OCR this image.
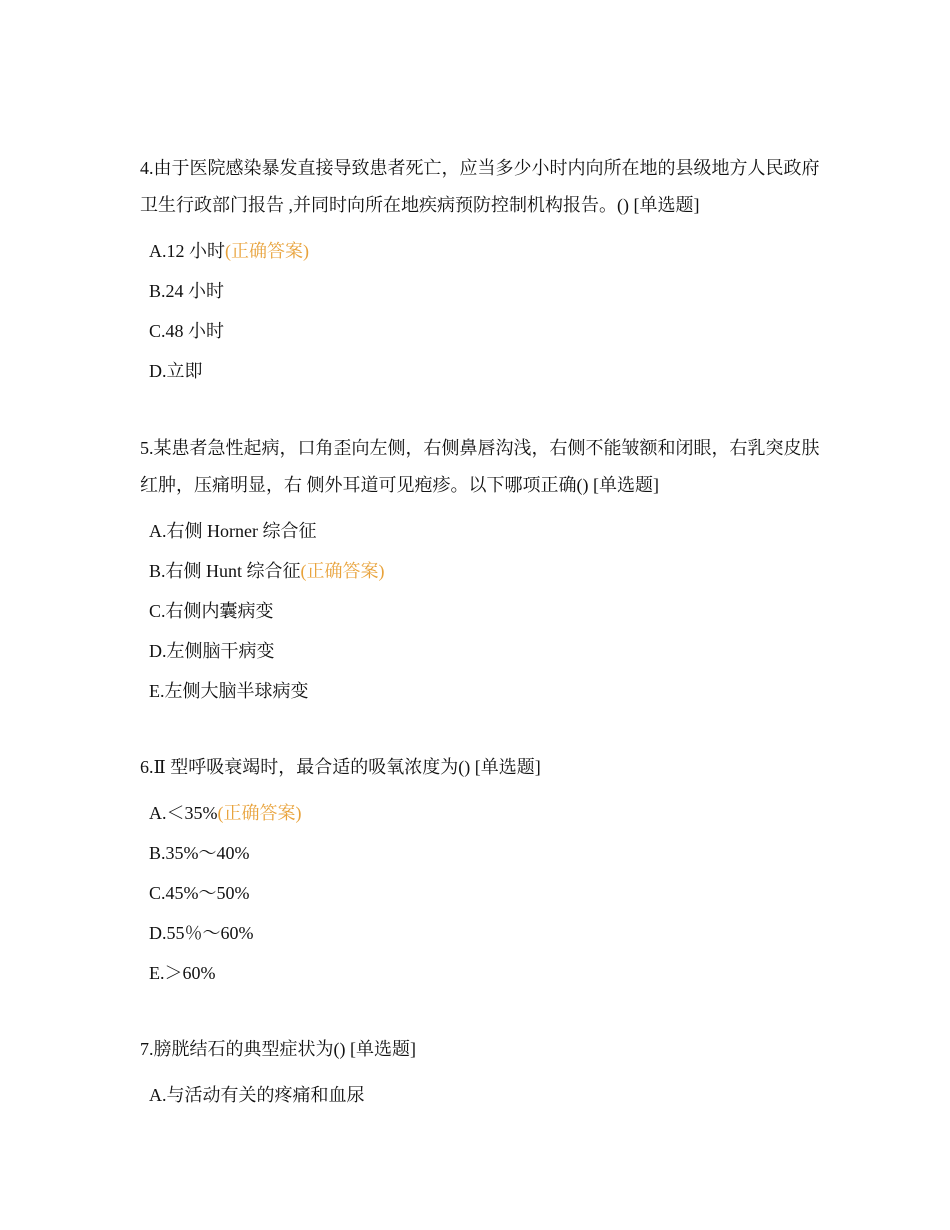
4.由于医院感染暴发直接导致患者死亡，应当多少小时内向所在地的县级地方人民政府卫生行政部门报告 ,并同时向所在地疾病预防控制机构报告。() [单选题]

A.12 小时(正确答案)
B.24 小时
C.48 小时
D.立即

5.某患者急性起病，口角歪向左侧，右侧鼻唇沟浅，右侧不能皱额和闭眼，右乳突皮肤红肿，压痛明显，右 侧外耳道可见疱疹。以下哪项正确() [单选题]

A.右侧 Horner 综合征
B.右侧 Hunt 综合征(正确答案)
C.右侧内囊病变
D.左侧脑干病变
E.左侧大脑半球病变

6.Ⅱ 型呼吸衰竭时，最合适的吸氧浓度为() [单选题]

A.＜35%(正确答案)
B.35%～40%
C.45%～50%
D.55％～60%
E.＞60%

7.膀胱结石的典型症状为() [单选题]

A.与活动有关的疼痛和血尿
